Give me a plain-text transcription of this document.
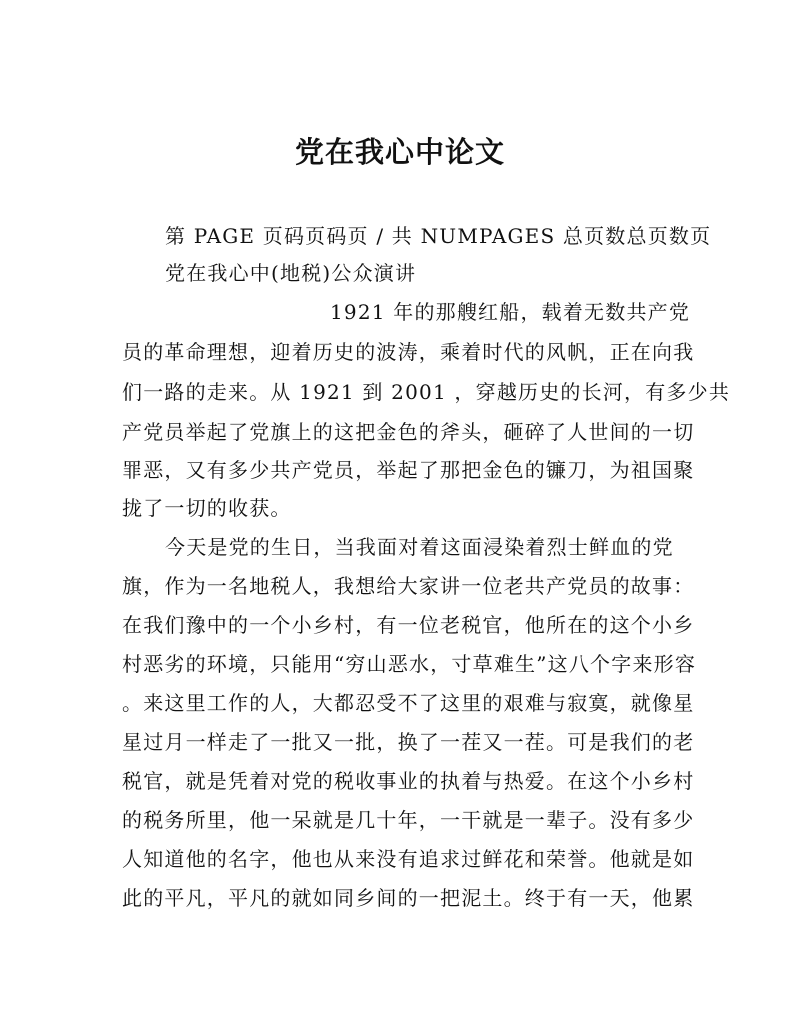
党在我心中论文
第 PAGE 页码页码页 / 共 NUMPAGES 总页数总页数页
党在我心中(地税)公众演讲
1921 年的那艘红船，载着无数共产党
员的革命理想，迎着历史的波涛，乘着时代的风帆，正在向我
们一路的走来。从 1921 到 2001 ，穿越历史的长河，有多少共
产党员举起了党旗上的这把金色的斧头，砸碎了人世间的一切
罪恶，又有多少共产党员，举起了那把金色的镰刀，为祖国聚
拢了一切的收获。
今天是党的生日，当我面对着这面浸染着烈士鲜血的党
旗，作为一名地税人，我想给大家讲一位老共产党员的故事：
在我们豫中的一个小乡村，有一位老税官，他所在的这个小乡
村恶劣的环境，只能用“穷山恶水，寸草难生”这八个字来形容
。来这里工作的人，大都忍受不了这里的艰难与寂寞，就像星
星过月一样走了一批又一批，换了一茬又一茬。可是我们的老
税官，就是凭着对党的税收事业的执着与热爱。在这个小乡村
的税务所里，他一呆就是几十年，一干就是一辈子。没有多少
人知道他的名字，他也从来没有追求过鲜花和荣誉。他就是如
此的平凡，平凡的就如同乡间的一把泥土。终于有一天，他累
